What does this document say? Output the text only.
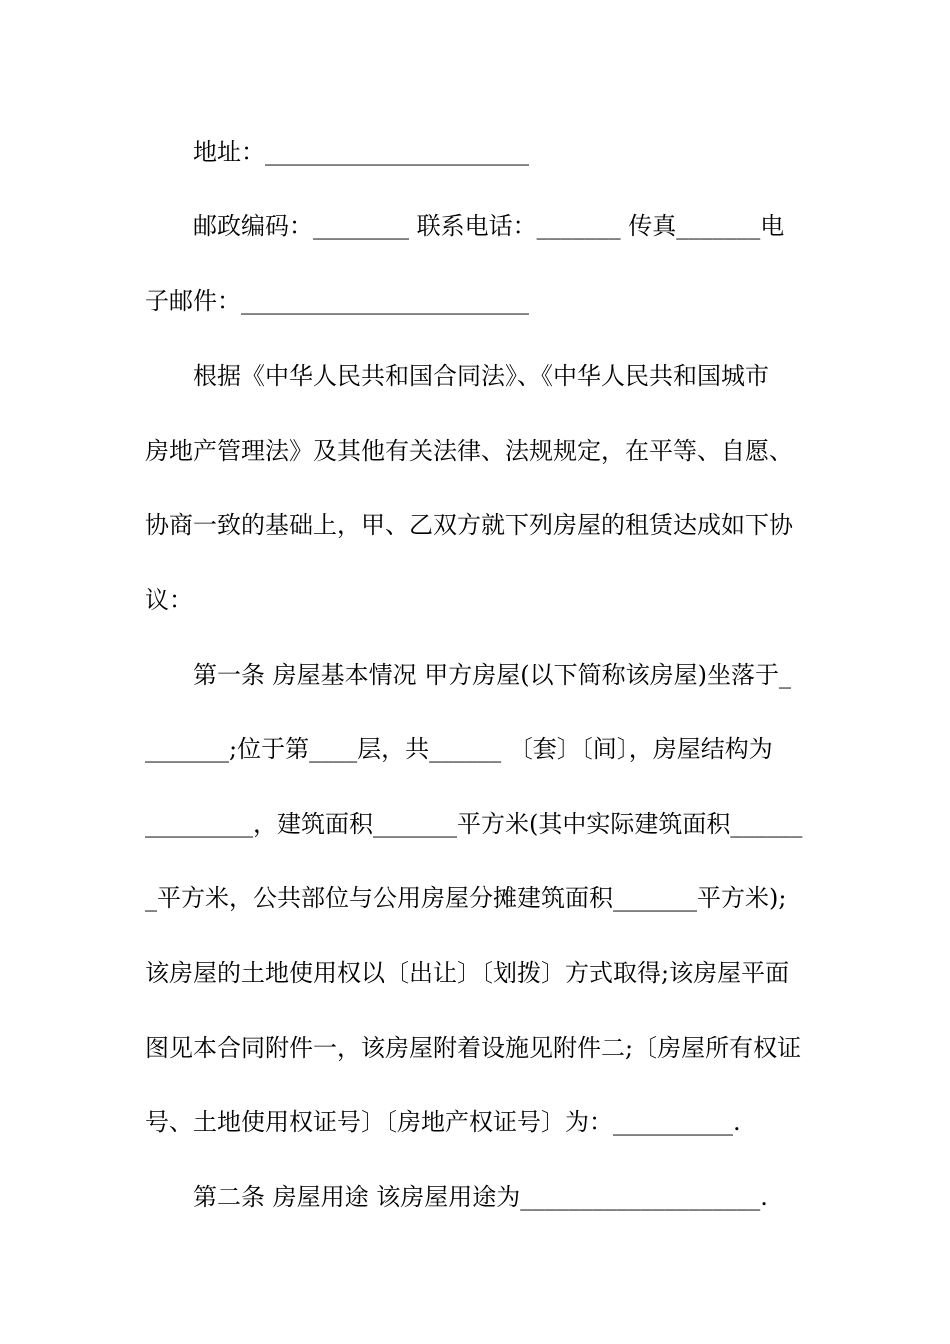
地址：______________________
邮政编码：________ 联系电话：_______ 传真_______电
子邮件：________________________
根据《中华人民共和国合同法》、《中华人民共和国城市
房地产管理法》及其他有关法律、法规规定，在平等、自愿、
协商一致的基础上，甲、乙双方就下列房屋的租赁达成如下协
议：
第一条 房屋基本情况 甲方房屋(以下简称该房屋)坐落于_
_______;位于第____层，共______ 〔套〕〔间〕，房屋结构为
_________，建筑面积_______平方米(其中实际建筑面积______
_平方米，公共部位与公用房屋分摊建筑面积_______平方米);
该房屋的土地使用权以〔出让〕〔划拨〕方式取得;该房屋平面
图见本合同附件一，该房屋附着设施见附件二;〔房屋所有权证
号、土地使用权证号〕〔房地产权证号〕为：__________.
第二条 房屋用途 该房屋用途为____________________.
